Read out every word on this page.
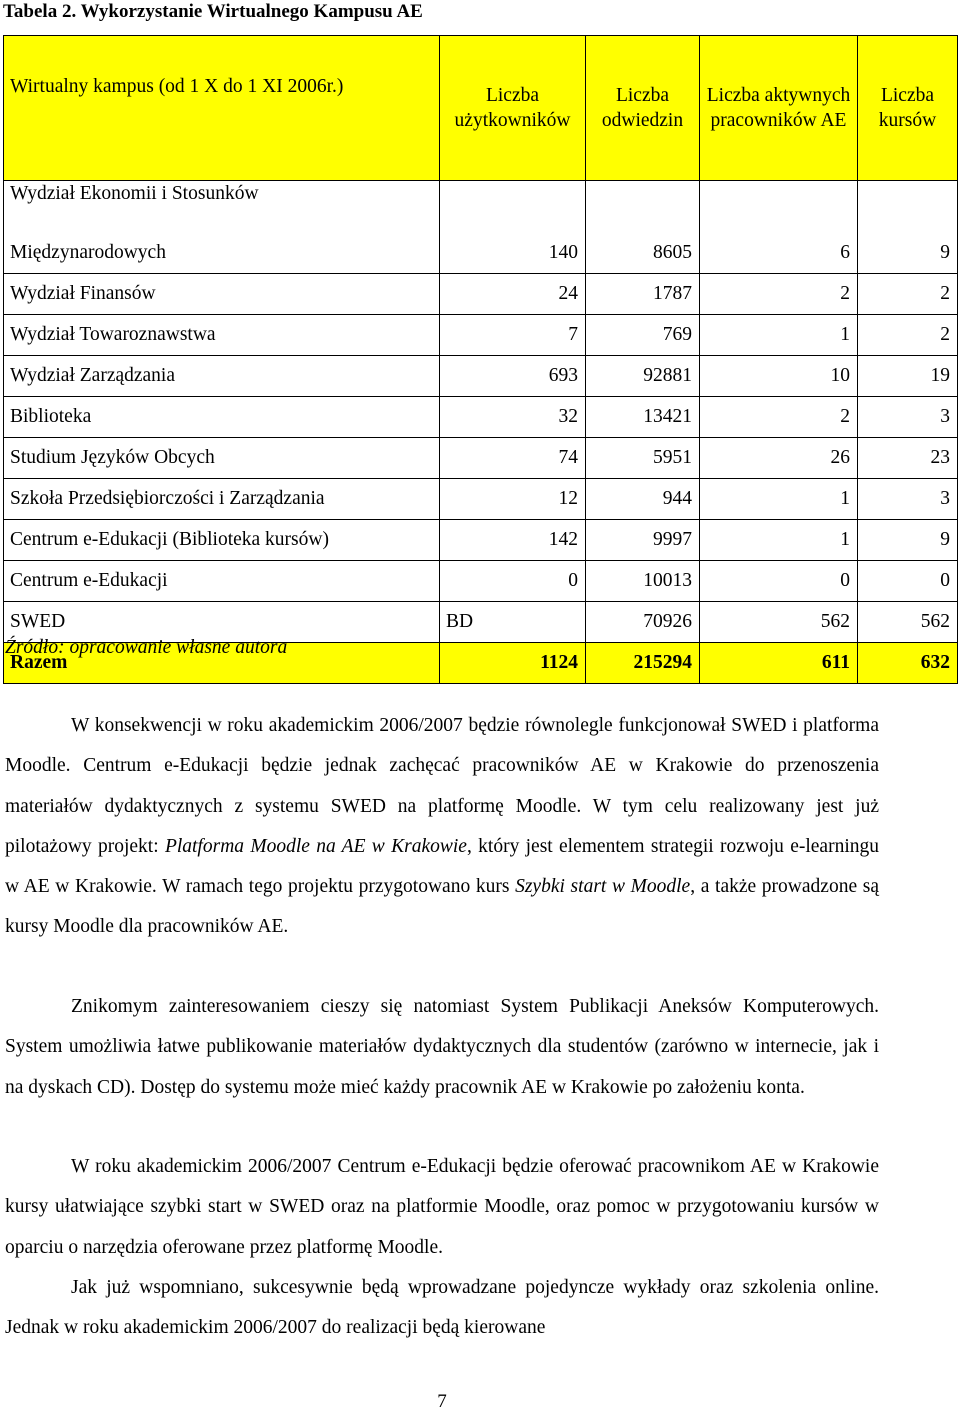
Tabela 2. Wykorzystanie Wirtualnego Kampusu AE
Wirtualny kampus (od 1 X do 1 XI 2006r.)	Liczba użytkowników	Liczba odwiedzin	Liczba aktywnych pracowników AE	Liczba kursów
Wydział Ekonomii i Stosunków				
Międzynarodowych	140	8605	6	9
Wydział Finansów	24	1787	2	2
Wydział Towaroznawstwa	7	769	1	2
Wydział Zarządzania	693	92881	10	19
Biblioteka	32	13421	2	3
Studium Języków Obcych	74	5951	26	23
Szkoła Przedsiębiorczości i Zarządzania	12	944	1	3
Centrum e-Edukacji (Biblioteka kursów)	142	9997	1	9
Centrum e-Edukacji	0	10013	0	0
SWED	BD	70926	562	562
Razem	1124	215294	611	632
Źródło: opracowanie własne autora

W konsekwencji w roku akademickim 2006/2007 będzie równolegle funkcjonował SWED i platforma Moodle. Centrum e-Edukacji będzie jednak zachęcać pracowników AE w Krakowie do przenoszenia materiałów dydaktycznych z systemu SWED na platformę Moodle. W tym celu realizowany jest już pilotażowy projekt: Platforma Moodle na AE w Krakowie, który jest elementem strategii rozwoju e-learningu w AE w Krakowie. W ramach tego projektu przygotowano kurs Szybki start w Moodle, a także prowadzone są kursy Moodle dla pracowników AE.

Znikomym zainteresowaniem cieszy się natomiast System Publikacji Aneksów Komputerowych. System umożliwia łatwe publikowanie materiałów dydaktycznych dla studentów (zarówno w internecie, jak i na dyskach CD). Dostęp do systemu może mieć każdy pracownik AE w Krakowie po założeniu konta.

W roku akademickim 2006/2007 Centrum e-Edukacji będzie oferować pracownikom AE w Krakowie kursy ułatwiające szybki start w SWED oraz na platformie Moodle, oraz pomoc w przygotowaniu kursów w oparciu o narzędzia oferowane przez platformę Moodle.

Jak już wspomniano, sukcesywnie będą wprowadzane pojedyncze wykłady oraz szkolenia online. Jednak w roku akademickim 2006/2007 do realizacji będą kierowane

7
